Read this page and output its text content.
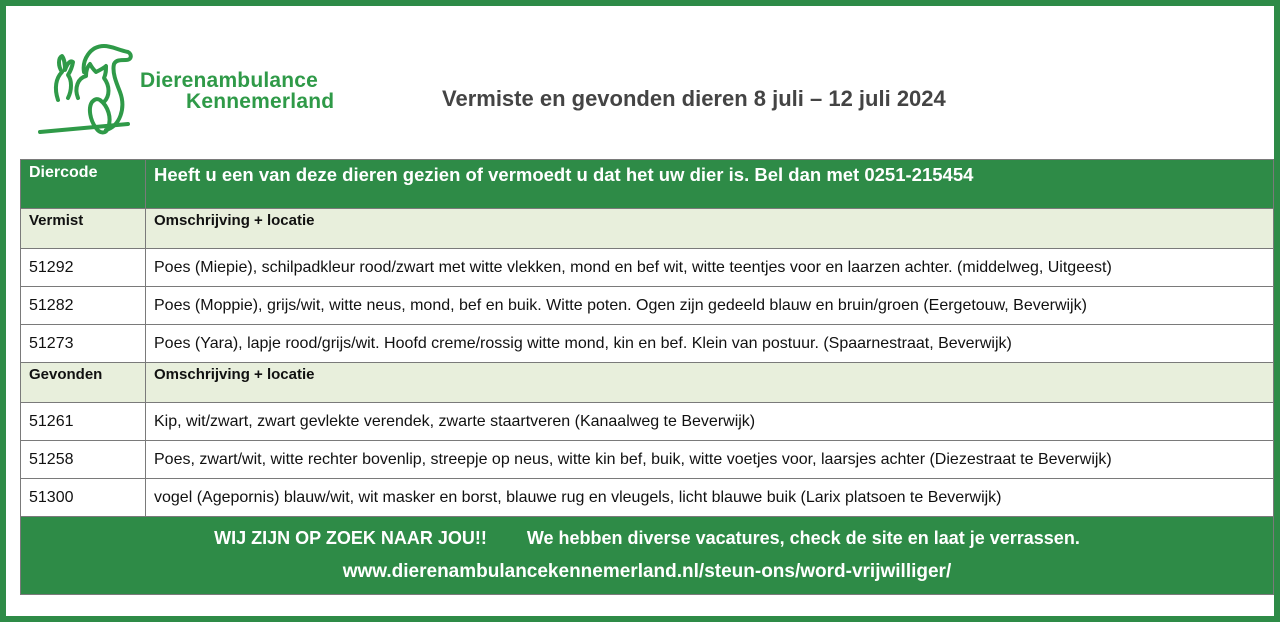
Dierenambulance
Kennemerland	Vermiste en gevonden dieren 8 juli – 12 juli 2024
Diercode	Heeft u een van deze dieren gezien of vermoedt u dat het uw dier is. Bel dan met 0251-215454
Vermist	Omschrijving + locatie
51292	Poes (Miepie), schilpadkleur rood/zwart met witte vlekken, mond en bef wit, witte teentjes voor en laarzen achter. (middelweg, Uitgeest)
51282	Poes (Moppie), grijs/wit, witte neus, mond, bef en buik. Witte poten. Ogen zijn gedeeld blauw en bruin/groen (Eergetouw, Beverwijk)
51273	Poes (Yara), lapje rood/grijs/wit. Hoofd creme/rossig witte mond, kin en bef. Klein van postuur. (Spaarnestraat, Beverwijk)
Gevonden	Omschrijving + locatie
51261	Kip, wit/zwart, zwart gevlekte verendek, zwarte staartveren (Kanaalweg te Beverwijk)
51258	Poes, zwart/wit, witte rechter bovenlip, streepje op neus, witte kin bef, buik, witte voetjes voor, laarsjes achter (Diezestraat te Beverwijk)
51300	vogel (Agepornis) blauw/wit, wit masker en borst, blauwe rug en vleugels, licht blauwe buik (Larix platsoen te Beverwijk)

WIJ ZIJN OP ZOEK NAAR JOU!! We hebben diverse vacatures, check de site en laat je verrassen.
www.dierenambulancekennemerland.nl/steun-ons/word-vrijwilliger/	
